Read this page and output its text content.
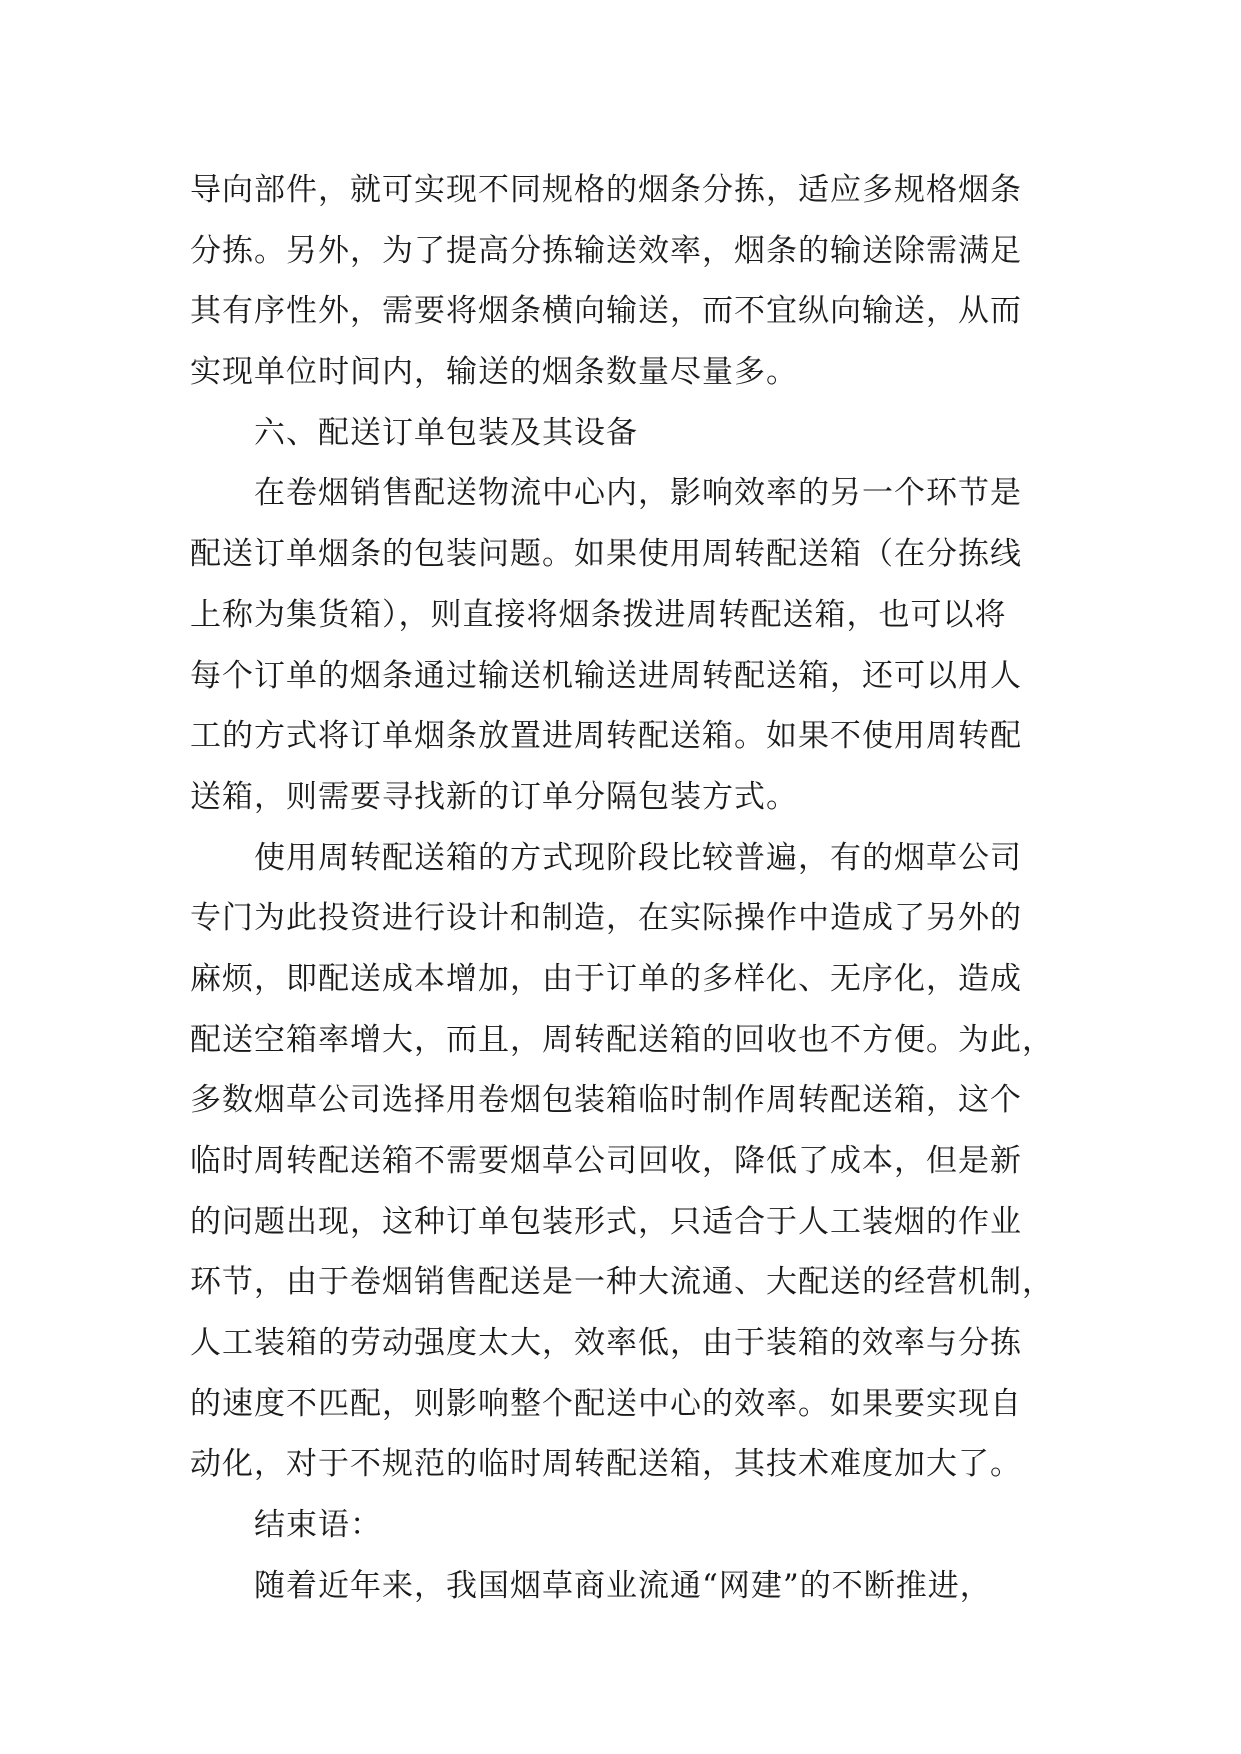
导向部件，就可实现不同规格的烟条分拣，适应多规格烟条
分拣。另外，为了提高分拣输送效率，烟条的输送除需满足
其有序性外，需要将烟条横向输送，而不宜纵向输送，从而
实现单位时间内，输送的烟条数量尽量多。
六、配送订单包装及其设备
在卷烟销售配送物流中心内，影响效率的另一个环节是
配送订单烟条的包装问题。如果使用周转配送箱（在分拣线
上称为集货箱），则直接将烟条拨进周转配送箱，也可以将
每个订单的烟条通过输送机输送进周转配送箱，还可以用人
工的方式将订单烟条放置进周转配送箱。如果不使用周转配
送箱，则需要寻找新的订单分隔包装方式。
使用周转配送箱的方式现阶段比较普遍，有的烟草公司
专门为此投资进行设计和制造，在实际操作中造成了另外的
麻烦，即配送成本增加，由于订单的多样化、无序化，造成
配送空箱率增大，而且，周转配送箱的回收也不方便。为此，
多数烟草公司选择用卷烟包装箱临时制作周转配送箱，这个
临时周转配送箱不需要烟草公司回收，降低了成本，但是新
的问题出现，这种订单包装形式，只适合于人工装烟的作业
环节，由于卷烟销售配送是一种大流通、大配送的经营机制，
人工装箱的劳动强度太大，效率低，由于装箱的效率与分拣
的速度不匹配，则影响整个配送中心的效率。如果要实现自
动化，对于不规范的临时周转配送箱，其技术难度加大了。
结束语：
随着近年来，我国烟草商业流通“网建”的不断推进，
